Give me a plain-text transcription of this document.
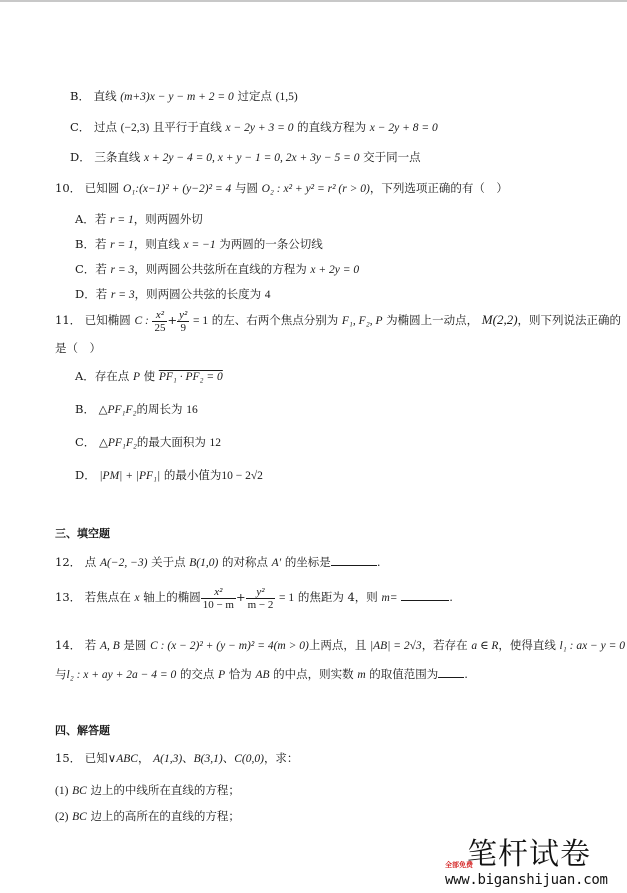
B． 直线 (m+3)x − y − m + 2 = 0 过定点 (1,5)
C． 过点 (−2,3) 且平行于直线 x − 2y + 3 = 0 的直线方程为 x − 2y + 8 = 0
D． 三条直线 x + 2y − 4 = 0, x + y − 1 = 0, 2x + 3y − 5 = 0 交于同一点
10． 已知圆 O₁:(x−1)² + (y−2)² = 4 与圆 O₂ : x² + y² = r² (r > 0)，下列选项正确的有（　）
A．若 r = 1，则两圆外切
B．若 r = 1，则直线 x = −1 为两圆的一条公切线
C．若 r = 3，则两圆公共弦所在直线的方程为 x + 2y = 0
D．若 r = 3，则两圆公共弦的长度为 4
11． 已知椭圆 C : $\frac{\text{x²}}{25} + \frac{\text{y²}}{9} = 1$ 的左、右两个焦点分别为 F₁, F₂, P 为椭圆上一动点， M(2,2)，则下列说法正确的
是（　）
A．存在点 P 使 PF₁ · PF₂ = 0
B． △PF₁F₂的周长为 16
C． △PF₁F₂的最大面积为 12
D． |PM| + |PF₁| 的最小值为10 − 2√2
三、填空题
12． 点 A(−2, −3) 关于点 B(1,0) 的对称点 A′ 的坐标是	.
13． 若焦点在 x 轴上的椭圆 $\frac{\text{x²}}{10 - m} + \frac{\text{y²}}{m - 2} = 1$ 的焦距为 4，则 m=	.
14． 若 A, B 是圆 C : (x − 2)² + (y − m)² = 4(m > 0)上两点，且 |AB| = 2√3，若存在 a ∈ R，使得直线 l₁ : ax − y = 0
与l₂ : x + ay + 2a − 4 = 0 的交点 P 恰为 AB 的中点，则实数 m 的取值范围为 .
四、解答题
15． 已知∨ABC， A(1,3)、B(3,1)、C(0,0)，求：
(1) BC 边上的中线所在直线的方程；
(2) BC 边上的高所在的直线的方程；
笔杆试卷
全部免费
www.biganshijuan.com
